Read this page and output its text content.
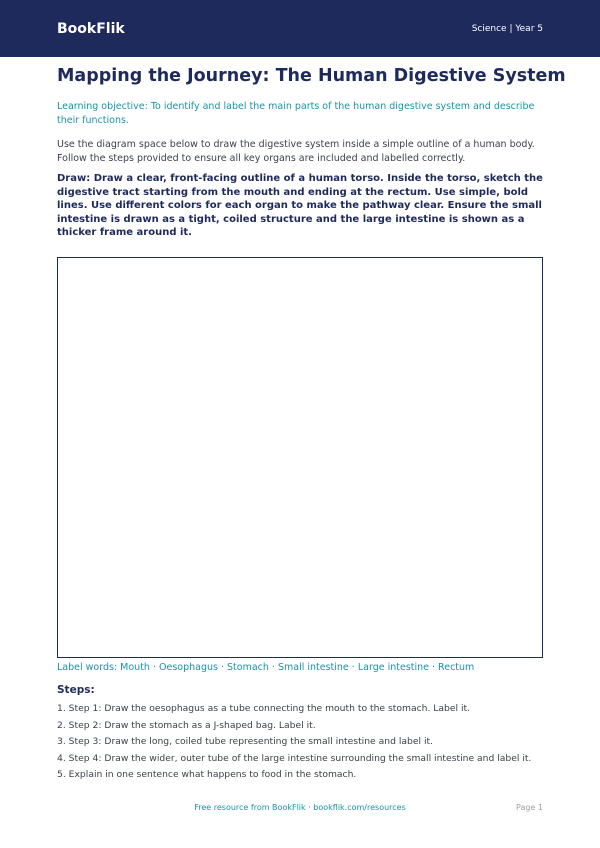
BookFlik	Science | Year 5
Mapping the Journey: The Human Digestive System

Learning objective: To identify and label the main parts of the human digestive system and describe their functions.

Use the diagram space below to draw the digestive system inside a simple outline of a human body. Follow the steps provided to ensure all key organs are included and labelled correctly.

Draw: Draw a clear, front-facing outline of a human torso. Inside the torso, sketch the digestive tract starting from the mouth and ending at the rectum. Use simple, bold lines. Use different colors for each organ to make the pathway clear. Ensure the small intestine is drawn as a tight, coiled structure and the large intestine is shown as a thicker frame around it.

Label words: Mouth · Oesophagus · Stomach · Small intestine · Large intestine · Rectum

Steps:

1. Step 1: Draw the oesophagus as a tube connecting the mouth to the stomach. Label it.
2. Step 2: Draw the stomach as a J-shaped bag. Label it.
3. Step 3: Draw the long, coiled tube representing the small intestine and label it.
4. Step 4: Draw the wider, outer tube of the large intestine surrounding the small intestine and label it.
5. Explain in one sentence what happens to food in the stomach.

Free resource from BookFlik · bookflik.com/resources	Page 1
